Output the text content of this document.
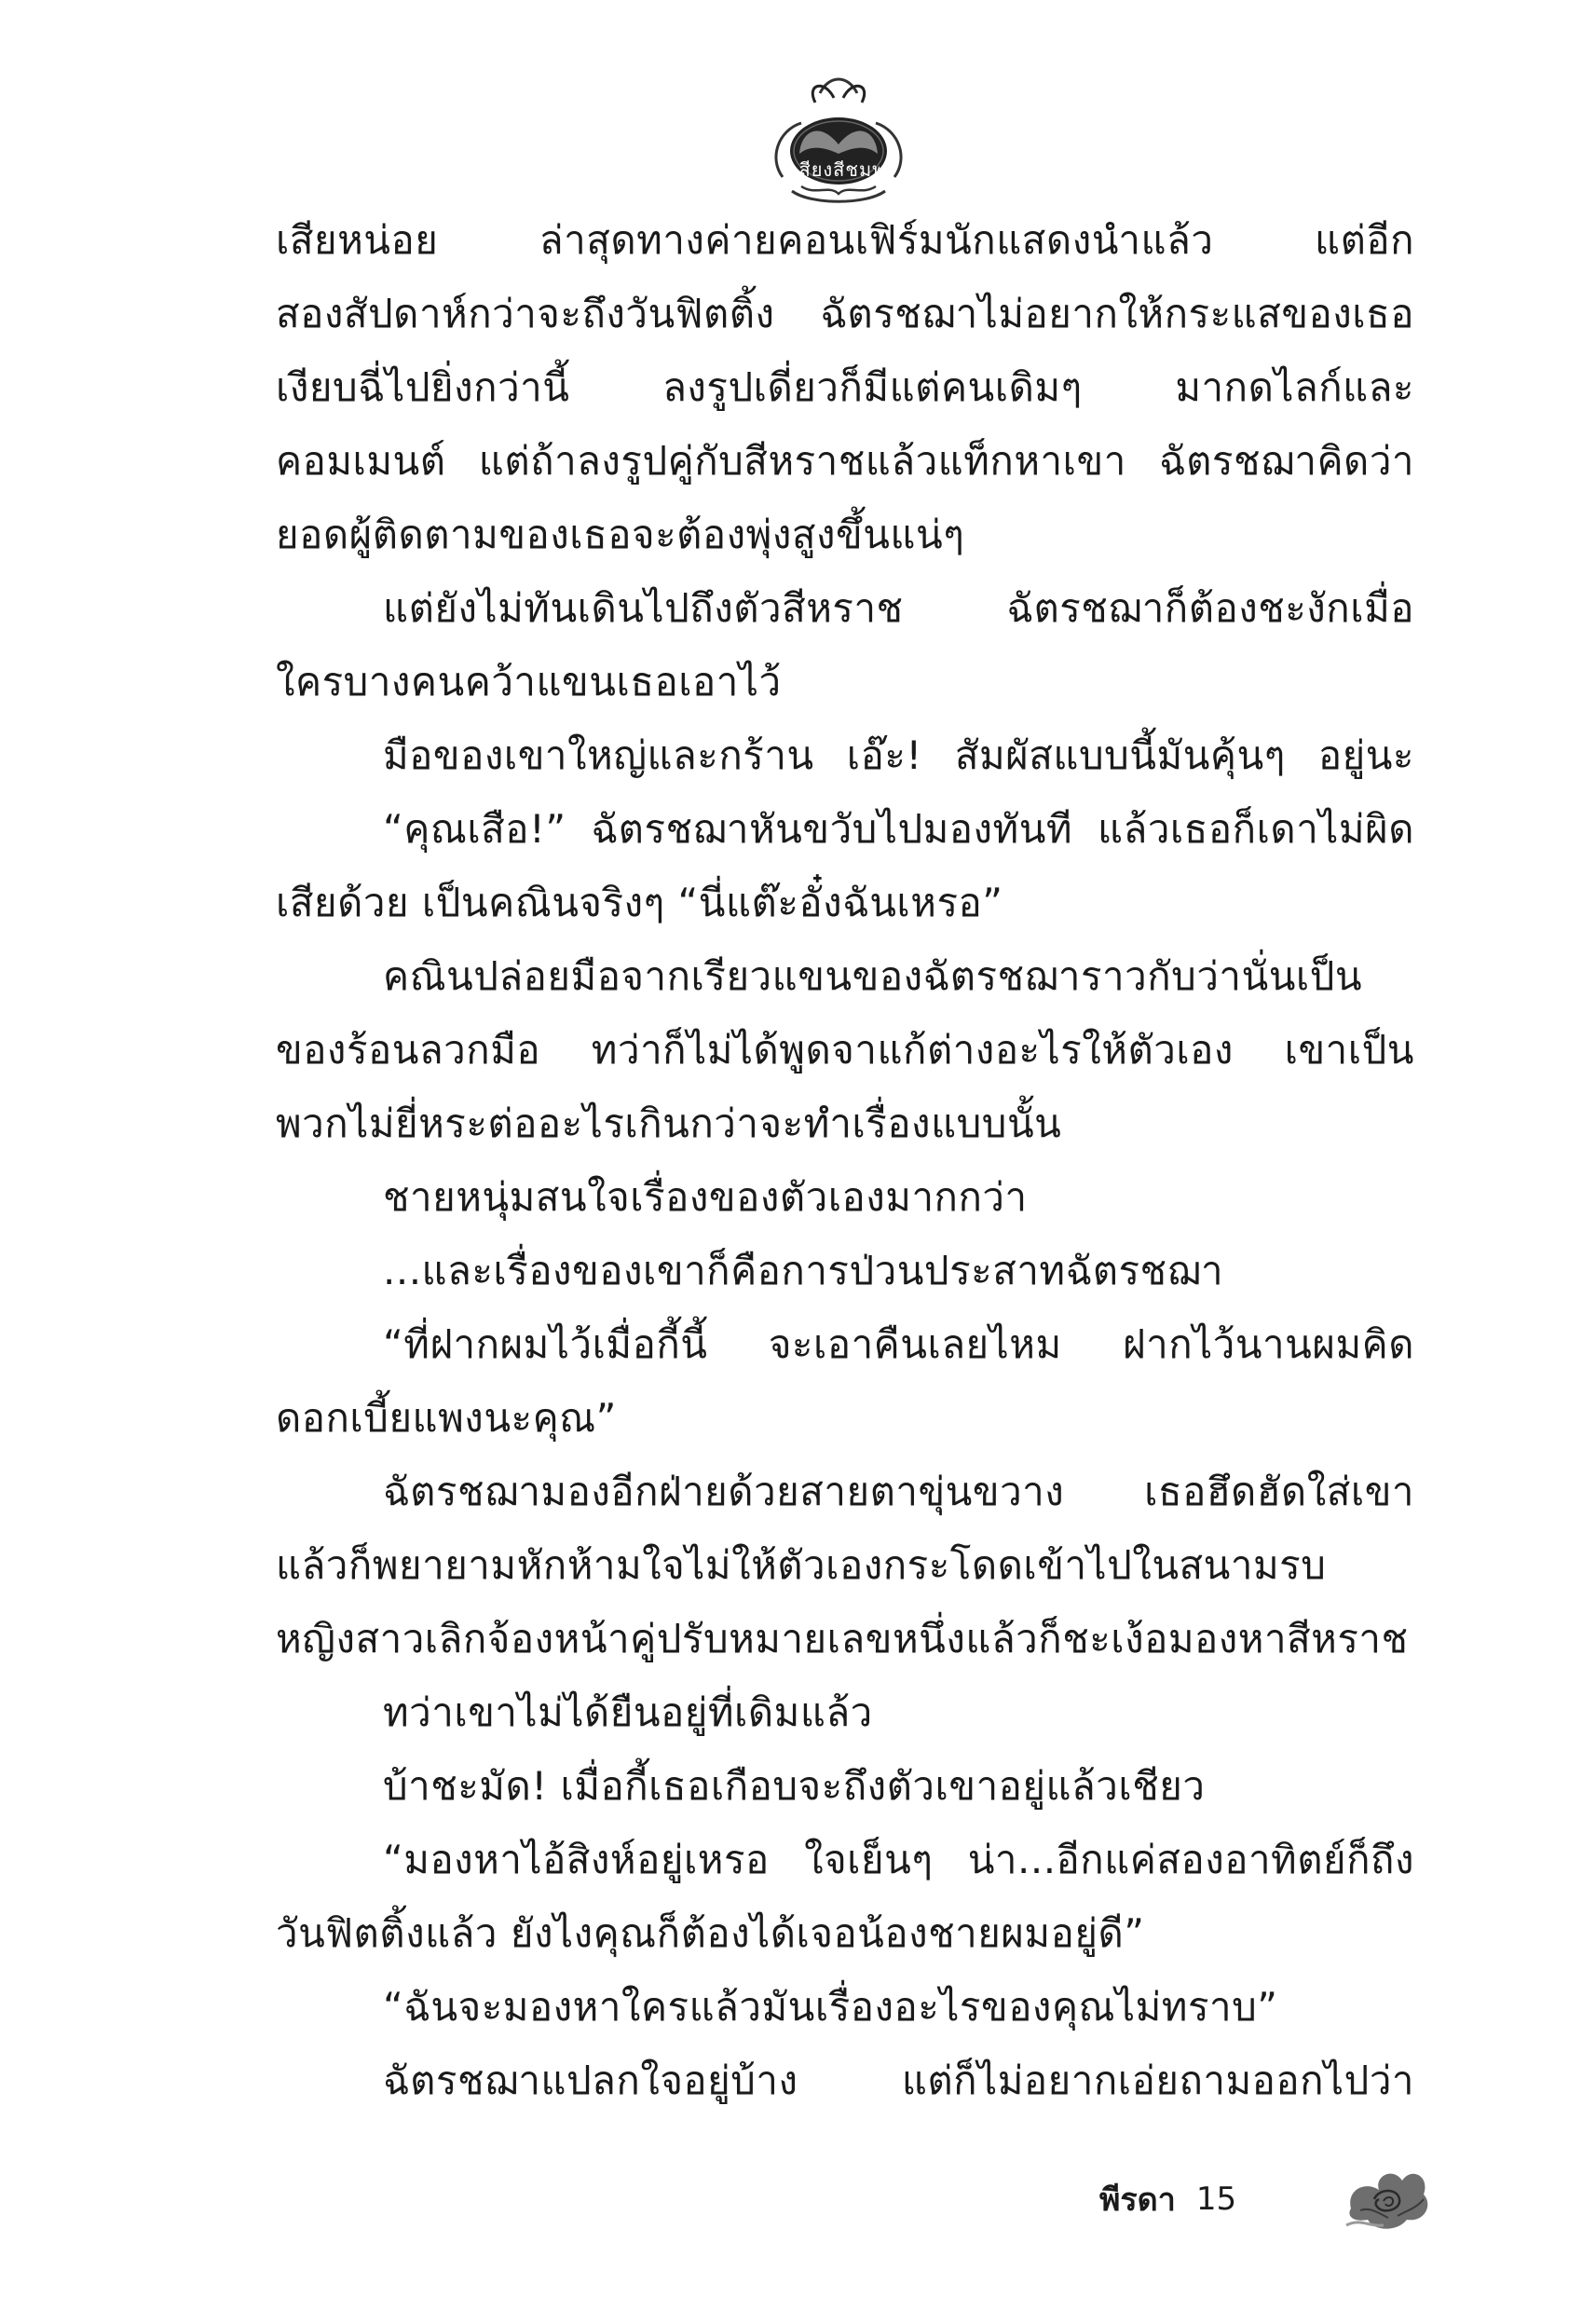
เสียงสีชมพู
เสียหน่อย ล่าสุดทางค่ายคอนเฟิร์มนักแสดงนำแล้ว แต่อีก
สองสัปดาห์กว่าจะถึงวันฟิตติ้ง ฉัตรชฌาไม่อยากให้กระแสของเธอ
เงียบฉี่ไปยิ่งกว่านี้ ลงรูปเดี่ยวก็มีแต่คนเดิมๆ มากดไลก์และ
คอมเมนต์ แต่ถ้าลงรูปคู่กับสีหราชแล้วแท็กหาเขา ฉัตรชฌาคิดว่า
ยอดผู้ติดตามของเธอจะต้องพุ่งสูงขึ้นแน่ๆ
แต่ยังไม่ทันเดินไปถึงตัวสีหราช ฉัตรชฌาก็ต้องชะงักเมื่อ
ใครบางคนคว้าแขนเธอเอาไว้
มือของเขาใหญ่และกร้าน เอ๊ะ! สัมผัสแบบนี้มันคุ้นๆ อยู่นะ
“คุณเสือ!” ฉัตรชฌาหันขวับไปมองทันที แล้วเธอก็เดาไม่ผิด
เสียด้วย เป็นคณินจริงๆ “นี่แต๊ะอั๋งฉันเหรอ”
คณินปล่อยมือจากเรียวแขนของฉัตรชฌาราวกับว่านั่นเป็น
ของร้อนลวกมือ ทว่าก็ไม่ได้พูดจาแก้ต่างอะไรให้ตัวเอง เขาเป็น
พวกไม่ยี่หระต่ออะไรเกินกว่าจะทำเรื่องแบบนั้น
ชายหนุ่มสนใจเรื่องของตัวเองมากกว่า
...และเรื่องของเขาก็คือการป่วนประสาทฉัตรชฌา
“ที่ฝากผมไว้เมื่อกี้นี้ จะเอาคืนเลยไหม ฝากไว้นานผมคิด
ดอกเบี้ยแพงนะคุณ”
ฉัตรชฌามองอีกฝ่ายด้วยสายตาขุ่นขวาง เธอฮึดฮัดใส่เขา
แล้วก็พยายามหักห้ามใจไม่ให้ตัวเองกระโดดเข้าไปในสนามรบ
หญิงสาวเลิกจ้องหน้าคู่ปรับหมายเลขหนึ่งแล้วก็ชะเง้อมองหาสีหราช
ทว่าเขาไม่ได้ยืนอยู่ที่เดิมแล้ว
บ้าชะมัด! เมื่อกี้เธอเกือบจะถึงตัวเขาอยู่แล้วเชียว
“มองหาไอ้สิงห์อยู่เหรอ ใจเย็นๆ น่า...อีกแค่สองอาทิตย์ก็ถึง
วันฟิตติ้งแล้ว ยังไงคุณก็ต้องได้เจอน้องชายผมอยู่ดี”
“ฉันจะมองหาใครแล้วมันเรื่องอะไรของคุณไม่ทราบ”
ฉัตรชฌาแปลกใจอยู่บ้าง แต่ก็ไม่อยากเอ่ยถามออกไปว่า
พีรดา 15
